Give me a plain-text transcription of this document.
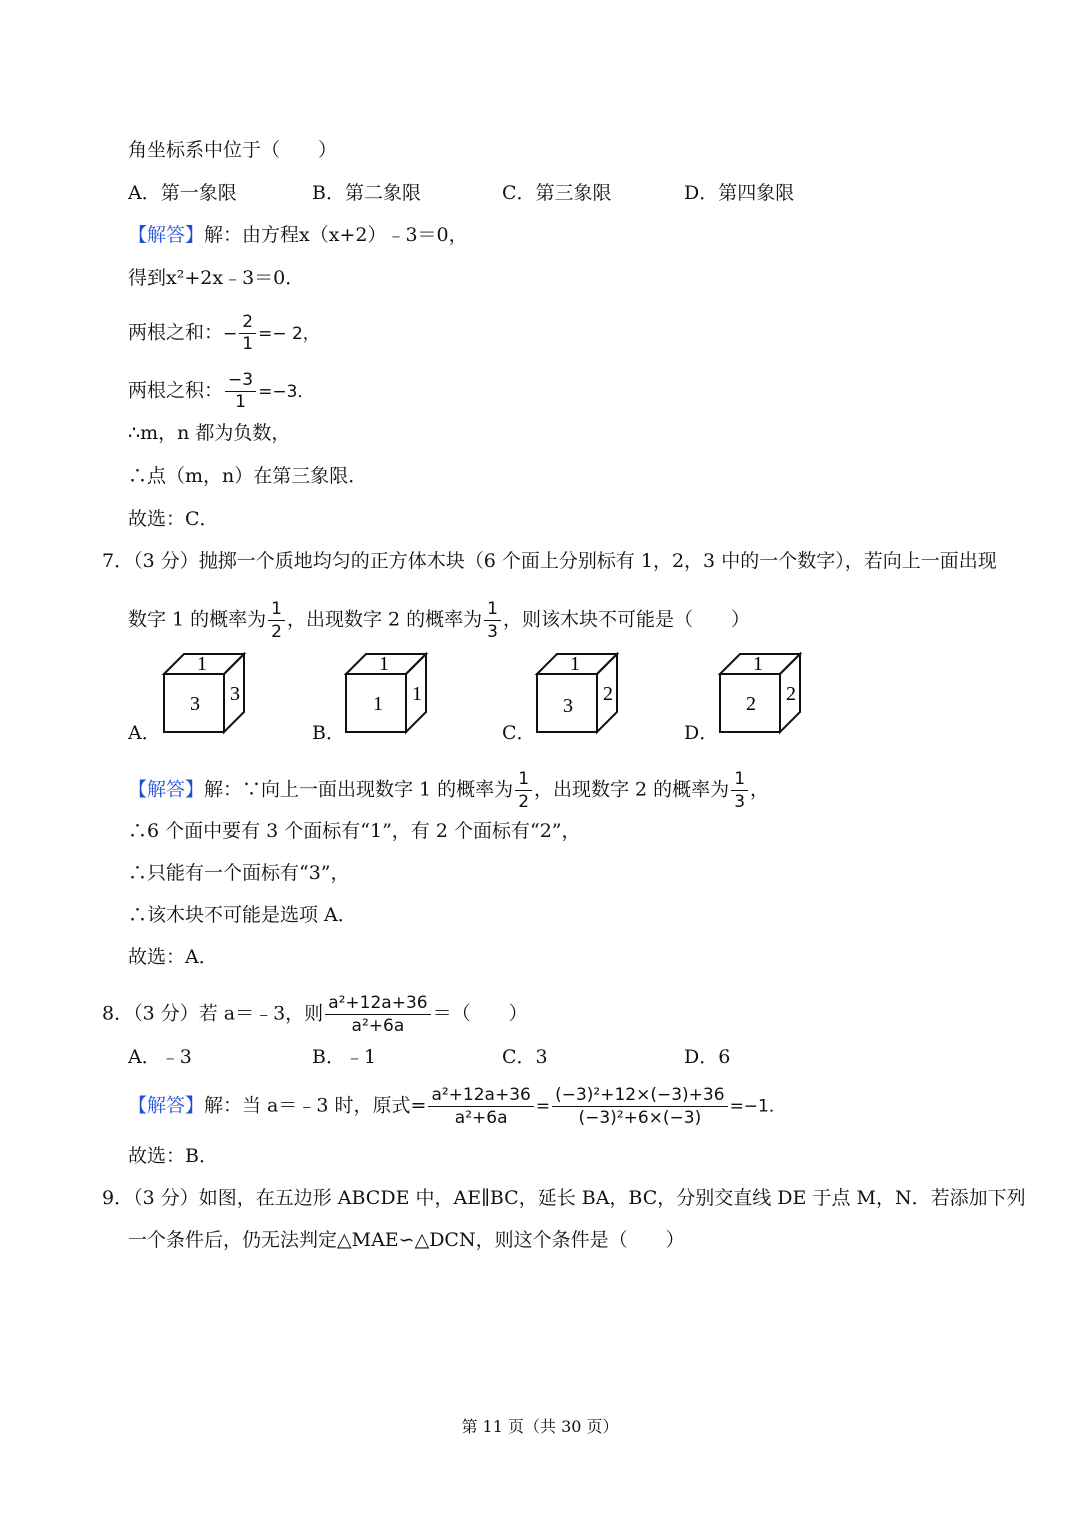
角坐标系中位于（　　）
A．第一象限	B．第二象限	C．第三象限	D．第四象限
【解答】解：由方程x（x+2）﹣3＝0，
得到x²+2x﹣3＝0．
两根之和：− $\frac{2}{1} =- 2$，
两根之积： $\frac{-3}{1} =-3$．
∴m，n 都为负数，
∴点（m，n）在第三象限．
故选：C．
7．（3 分）抛掷一个质地均匀的正方体木块（6 个面上分别标有 1，2，3 中的一个数字），若向上一面出现
数字 1 的概率为 $\frac{1}{2}$ ，出现数字 2 的概率为 $\frac{1}{3}$ ，则该木块不可能是（　　）
A．
1
3 3
B．
1
1 1
C．
1
3
2
D．
1
2 2
【解答】解：∵向上一面出现数字 1 的概率为 $\frac{1}{2}$ ，出现数字 2 的概率为 $\frac{1}{3}$ ，
∴6 个面中要有 3 个面标有“1”，有 2 个面标有“2”，
∴只能有一个面标有“3”，
∴该木块不可能是选项 A．
故选：A．
8．（3 分）若 a＝﹣3，则 $\frac{\text{a²+12a+36}}{\text{a²+6a}}$ ＝（　　）
A．﹣3	B．﹣1	C．3	D．6
【解答】解：当 a＝﹣3 时，原式= $\frac{\text{a²+12a+36}}{\text{a²+6a}} = \frac{\text{(−3)²+12×(−3)+36}}{\text{(−3)²+6×(−3)}} =-1$．
故选：B．
9．（3 分）如图，在五边形 ABCDE 中，AE∥BC，延长 BA，BC，分别交直线 DE 于点 M，N．若添加下列
一个条件后，仍无法判定△MAE∽△DCN，则这个条件是（　　）
第 11 页（共 30 页）
